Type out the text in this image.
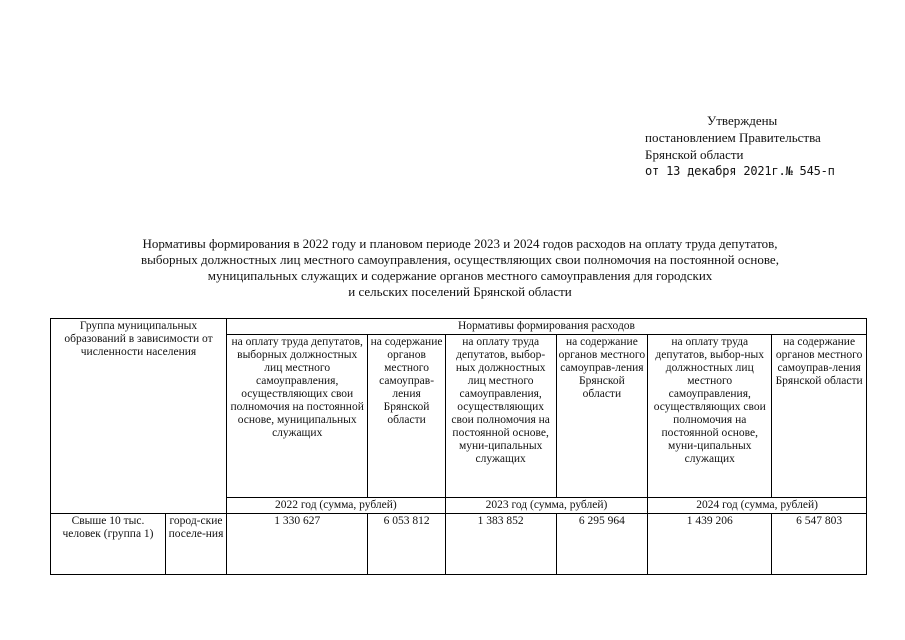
Утверждены
постановлением Правительства
Брянской области
от 13 декабря 2021г.№ 545-п
Нормативы формирования в 2022 году и плановом периоде 2023 и 2024 годов расходов на оплату труда депутатов,
выборных должностных лиц местного самоуправления, осуществляющих свои полномочия на постоянной основе,
муниципальных служащих и содержание органов местного самоуправления для городских
и сельских поселений Брянской области
Группа муниципальных образований в зависимости от численности населения		Нормативы формирования расходов					
		на оплату труда депутатов, выборных должностных лиц местного самоуправления, осуществляющих свои полномочия на постоянной основе, муниципальных служащих	на содержание органов местного самоуправ-ления Брянской области	на оплату труда депутатов, выбор-ных должностных лиц местного самоуправления, осуществляющих свои полномочия на постоянной основе, муни-ципальных служащих	на содержание органов местного самоуправ-ления Брянской области	на оплату труда депутатов, выбор-ных должностных лиц местного самоуправления, осуществляющих свои полномочия на постоянной основе, муни-ципальных служащих	на содержание органов местного самоуправ-ления Брянской области
		2022 год (сумма, рублей)		2023 год (сумма, рублей)		2024 год (сумма, рублей)	
Свыше 10 тыс. человек (группа 1)	город-ские поселе-ния	1 330 627	6 053 812	1 383 852	6 295 964	1 439 206	6 547 803
